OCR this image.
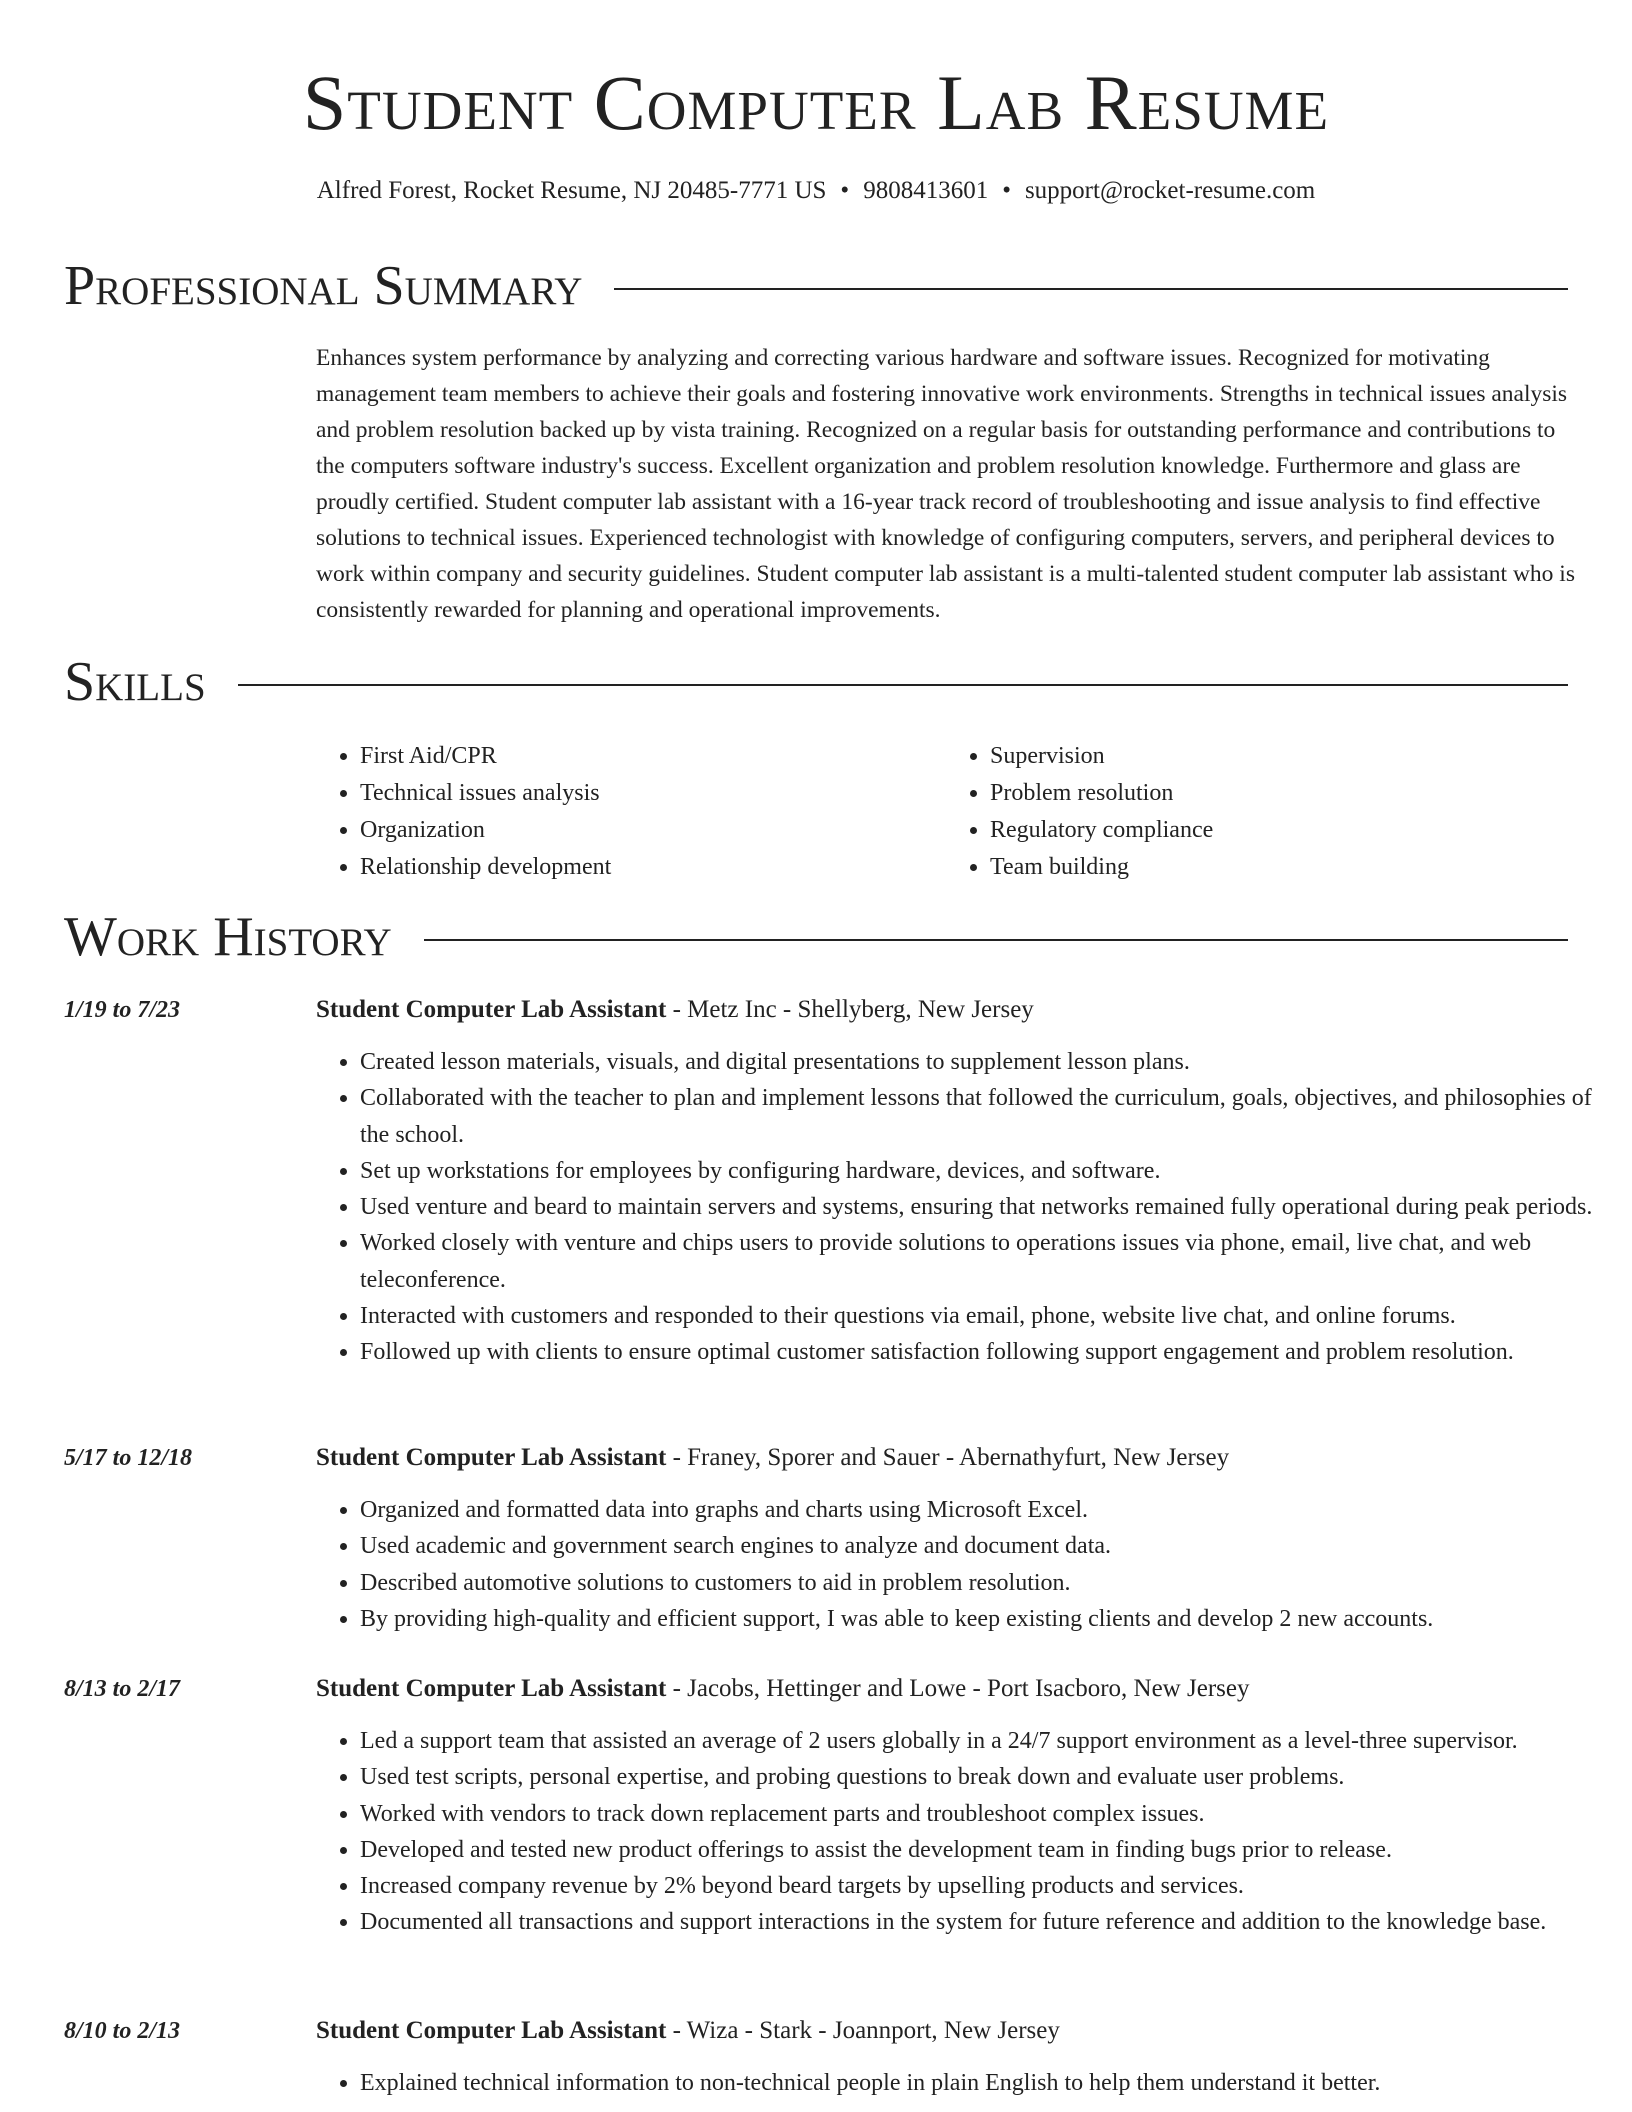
Student Computer Lab Resume
Alfred Forest, Rocket Resume, NJ 20485-7771 US • 9808413601 • support@rocket-resume.com
Professional Summary

Enhances system performance by analyzing and correcting various hardware and software issues. Recognized for motivating management team members to achieve their goals and fostering innovative work environments. Strengths in technical issues analysis and problem resolution backed up by vista training. Recognized on a regular basis for outstanding performance and contributions to the computers software industry's success. Excellent organization and problem resolution knowledge. Furthermore and glass are proudly certified. Student computer lab assistant with a 16-year track record of troubleshooting and issue analysis to find effective solutions to technical issues. Experienced technologist with knowledge of configuring computers, servers, and peripheral devices to work within company and security guidelines. Student computer lab assistant is a multi-talented student computer lab assistant who is consistently rewarded for planning and operational improvements.

Skills
• First Aid/CPR
• Technical issues analysis
• Organization
• Relationship development
• Supervision
• Problem resolution
• Regulatory compliance
• Team building
Work History
1/19 to 7/23	Student Computer Lab Assistant - Metz Inc - Shellyberg, New Jersey
• Created lesson materials, visuals, and digital presentations to supplement lesson plans.
• Collaborated with the teacher to plan and implement lessons that followed the curriculum, goals, objectives, and philosophies of the school.
• Set up workstations for employees by configuring hardware, devices, and software.
• Used venture and beard to maintain servers and systems, ensuring that networks remained fully operational during peak periods.
• Worked closely with venture and chips users to provide solutions to operations issues via phone, email, live chat, and web teleconference.
• Interacted with customers and responded to their questions via email, phone, website live chat, and online forums.
• Followed up with clients to ensure optimal customer satisfaction following support engagement and problem resolution.
5/17 to 12/18	Student Computer Lab Assistant - Franey, Sporer and Sauer - Abernathyfurt, New Jersey
• Organized and formatted data into graphs and charts using Microsoft Excel.
• Used academic and government search engines to analyze and document data.
• Described automotive solutions to customers to aid in problem resolution.
• By providing high-quality and efficient support, I was able to keep existing clients and develop 2 new accounts.
8/13 to 2/17	Student Computer Lab Assistant - Jacobs, Hettinger and Lowe - Port Isacboro, New Jersey
• Led a support team that assisted an average of 2 users globally in a 24/7 support environment as a level-three supervisor.
• Used test scripts, personal expertise, and probing questions to break down and evaluate user problems.
• Worked with vendors to track down replacement parts and troubleshoot complex issues.
• Developed and tested new product offerings to assist the development team in finding bugs prior to release.
• Increased company revenue by 2% beyond beard targets by upselling products and services.
• Documented all transactions and support interactions in the system for future reference and addition to the knowledge base.
8/10 to 2/13	Student Computer Lab Assistant - Wiza - Stark - Joannport, New Jersey
• Explained technical information to non-technical people in plain English to help them understand it better.
